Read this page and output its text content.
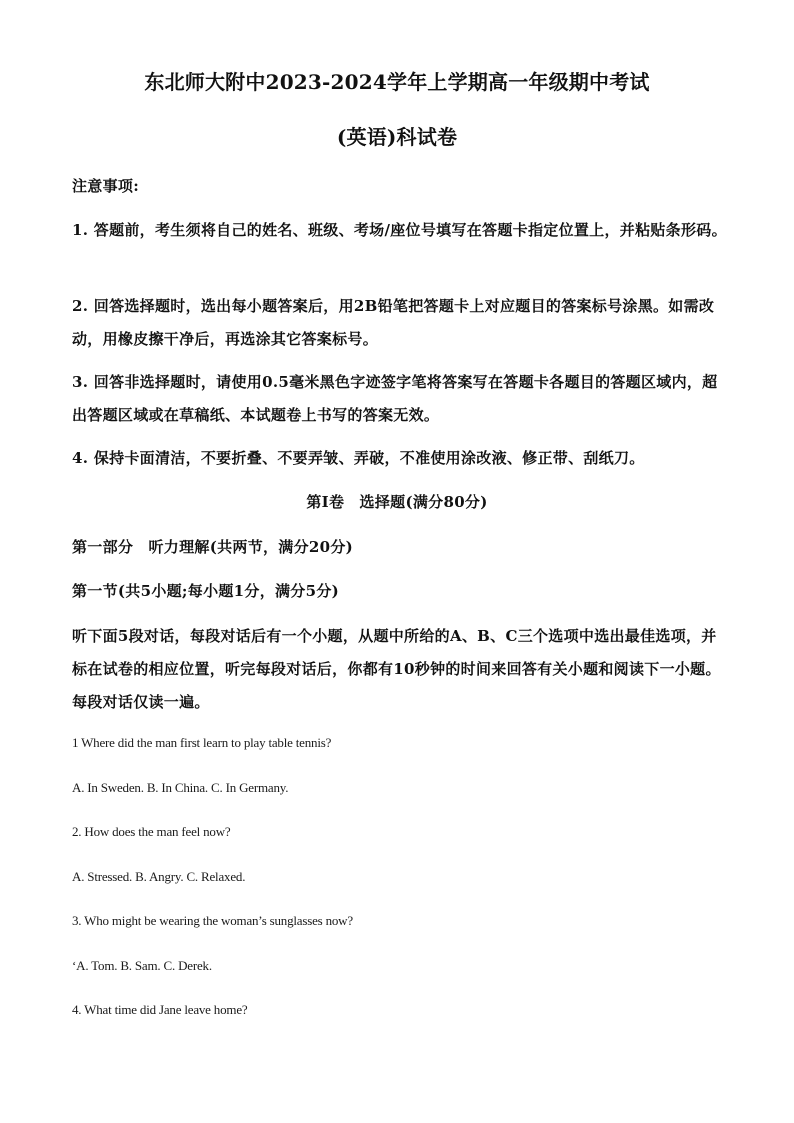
东北师大附中2023-2024学年上学期高一年级期中考试
(英语)科试卷
注意事项:
1. 答题前，考生须将自己的姓名、班级、考场/座位号填写在答题卡指定位置上，并粘贴条形码。
2. 回答选择题时，选出每小题答案后，用2B铅笔把答题卡上对应题目的答案标号涂黑。如需改动，用橡皮擦干净后，再选涂其它答案标号。
3. 回答非选择题时，请使用0.5毫米黑色字迹签字笔将答案写在答题卡各题目的答题区域内，超出答题区域或在草稿纸、本试题卷上书写的答案无效。
4. 保持卡面清洁，不要折叠、不要弄皱、弄破，不准使用涂改液、修正带、刮纸刀。
第Ⅰ卷　选择题(满分80分)
第一部分　听力理解(共两节，满分20分)
第一节(共5小题;每小题1分，满分5分)
听下面5段对话，每段对话后有一个小题，从题中所给的A、B、C三个选项中选出最佳选项，并标在试卷的相应位置，听完每段对话后，你都有10秒钟的时间来回答有关小题和阅读下一小题。每段对话仅读一遍。
1 Where did the man first learn to play table tennis?
A. In Sweden. B. In China. C. In Germany.
2. How does the man feel now?
A. Stressed. B. Angry. C. Relaxed.
3. Who might be wearing the woman’s sunglasses now?
‘A. Tom. B. Sam. C. Derek.
4. What time did Jane leave home?
